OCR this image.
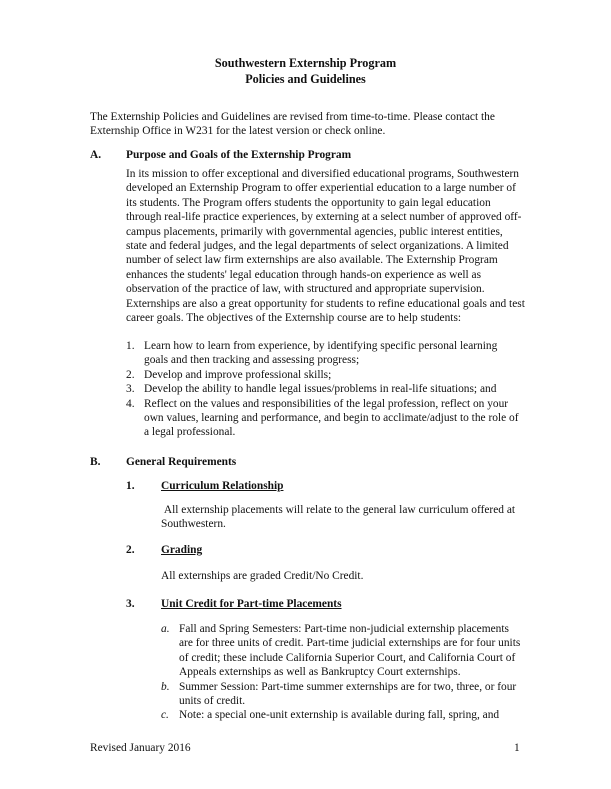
Southwestern Externship Program
Policies and Guidelines
The Externship Policies and Guidelines are revised from time-to-time. Please contact the Externship Office in W231 for the latest version or check online.
A. Purpose and Goals of the Externship Program
In its mission to offer exceptional and diversified educational programs, Southwestern developed an Externship Program to offer experiential education to a large number of its students. The Program offers students the opportunity to gain legal education through real-life practice experiences, by externing at a select number of approved off-campus placements, primarily with governmental agencies, public interest entities, state and federal judges, and the legal departments of select organizations. A limited number of select law firm externships are also available. The Externship Program enhances the students' legal education through hands-on experience as well as observation of the practice of law, with structured and appropriate supervision. Externships are also a great opportunity for students to refine educational goals and test career goals. The objectives of the Externship course are to help students:
1. Learn how to learn from experience, by identifying specific personal learning goals and then tracking and assessing progress;
2. Develop and improve professional skills;
3. Develop the ability to handle legal issues/problems in real-life situations; and
4. Reflect on the values and responsibilities of the legal profession, reflect on your own values, learning and performance, and begin to acclimate/adjust to the role of a legal professional.
B. General Requirements
1. Curriculum Relationship
All externship placements will relate to the general law curriculum offered at Southwestern.
2. Grading
All externships are graded Credit/No Credit.
3. Unit Credit for Part-time Placements
a. Fall and Spring Semesters: Part-time non-judicial externship placements are for three units of credit. Part-time judicial externships are for four units of credit; these include California Superior Court, and California Court of Appeals externships as well as Bankruptcy Court externships.
b. Summer Session: Part-time summer externships are for two, three, or four units of credit.
c. Note: a special one-unit externship is available during fall, spring, and
Revised January 2016	1
